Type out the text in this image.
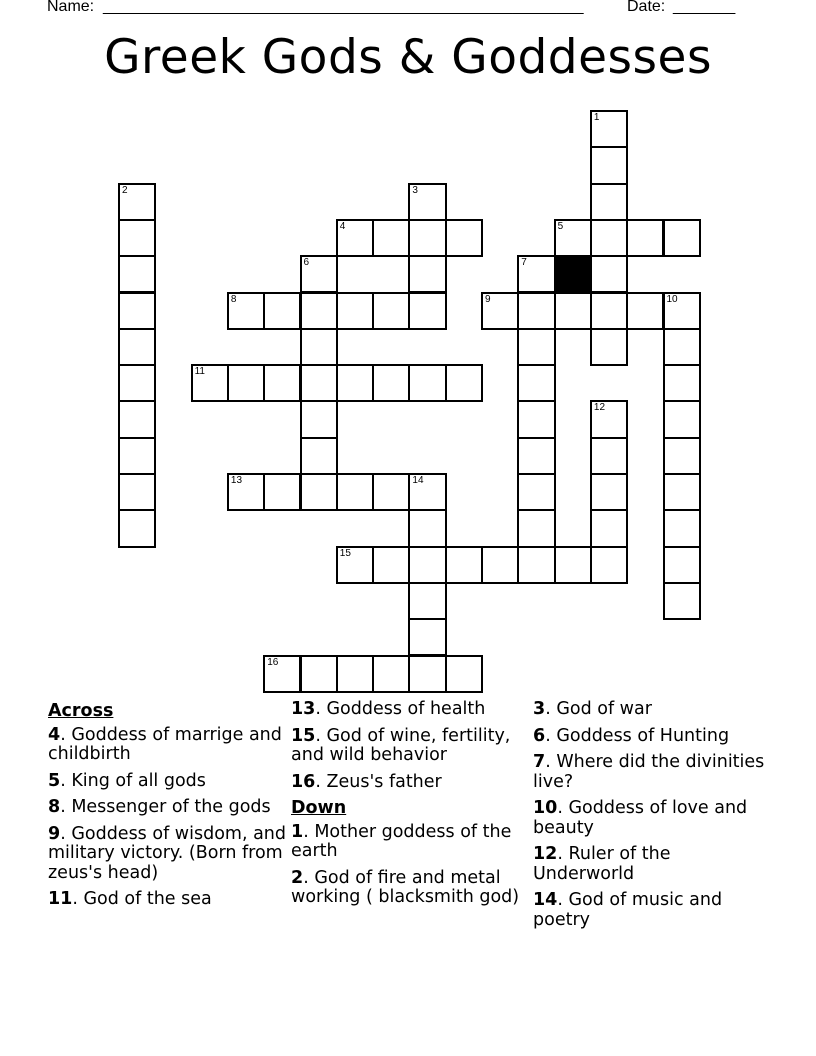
Name: ______________________________________________________	Date: _______
Greek Gods & Goddesses
1
2	3
4	5
6	7
8	9	10
11
12
13	14
15
16
Across
4. Goddess of marrige and childbirth
5. King of all gods
8. Messenger of the gods
9. Goddess of wisdom, and military victory. (Born from zeus's head)
11. God of the sea
13. Goddess of health
15. God of wine, fertility, and wild behavior
16. Zeus's father
Down
1. Mother goddess of the earth
2. God of fire and metal working ( blacksmith god)
3. God of war
6. Goddess of Hunting
7. Where did the divinities live?
10. Goddess of love and beauty
12. Ruler of the Underworld
14. God of music and poetry
